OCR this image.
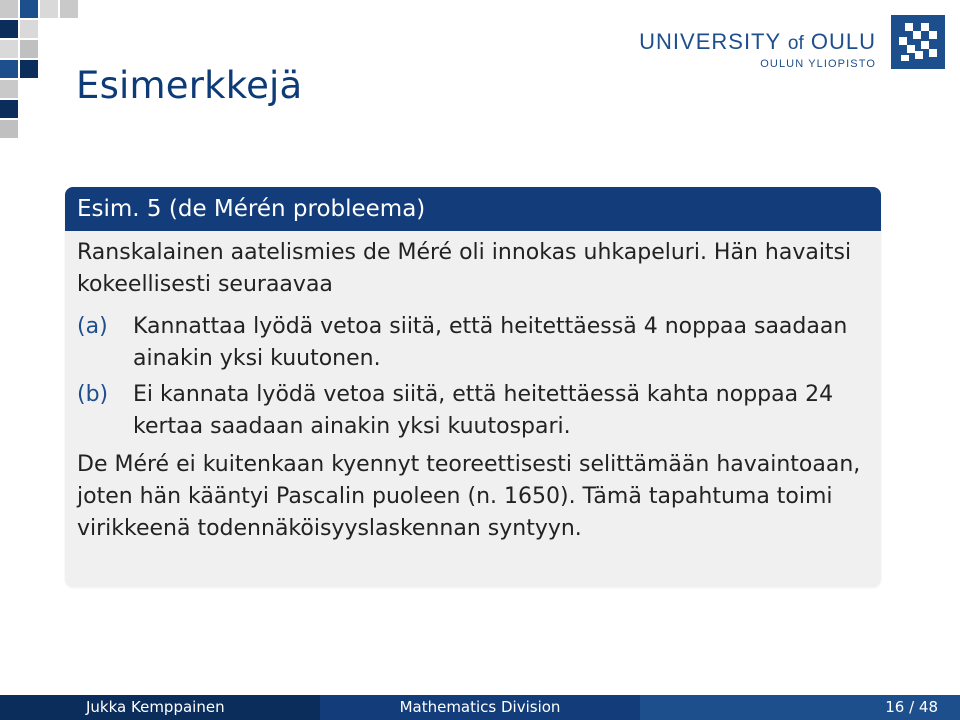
Esimerkkejä
UNIVERSITY of OULU
OULUN YLIOPISTO
Esim. 5 (de Mérén probleema)

Ranskalainen aatelismies de Méré oli innokas uhkapeluri. Hän havaitsi kokeellisesti seuraavaa

(a)	Kannattaa lyödä vetoa siitä, että heitettäessä 4 noppaa saadaan ainakin yksi kuutonen.
(b)	Ei kannata lyödä vetoa siitä, että heitettäessä kahta noppaa 24 kertaa saadaan ainakin yksi kuutospari.

De Méré ei kuitenkaan kyennyt teoreettisesti selittämään havaintoaan, joten hän kääntyi Pascalin puoleen (n. 1650). Tämä tapahtuma toimi virikkeenä todennäköisyyslaskennan syntyyn.

Jukka Kemppainen	Mathematics Division	16 / 48
